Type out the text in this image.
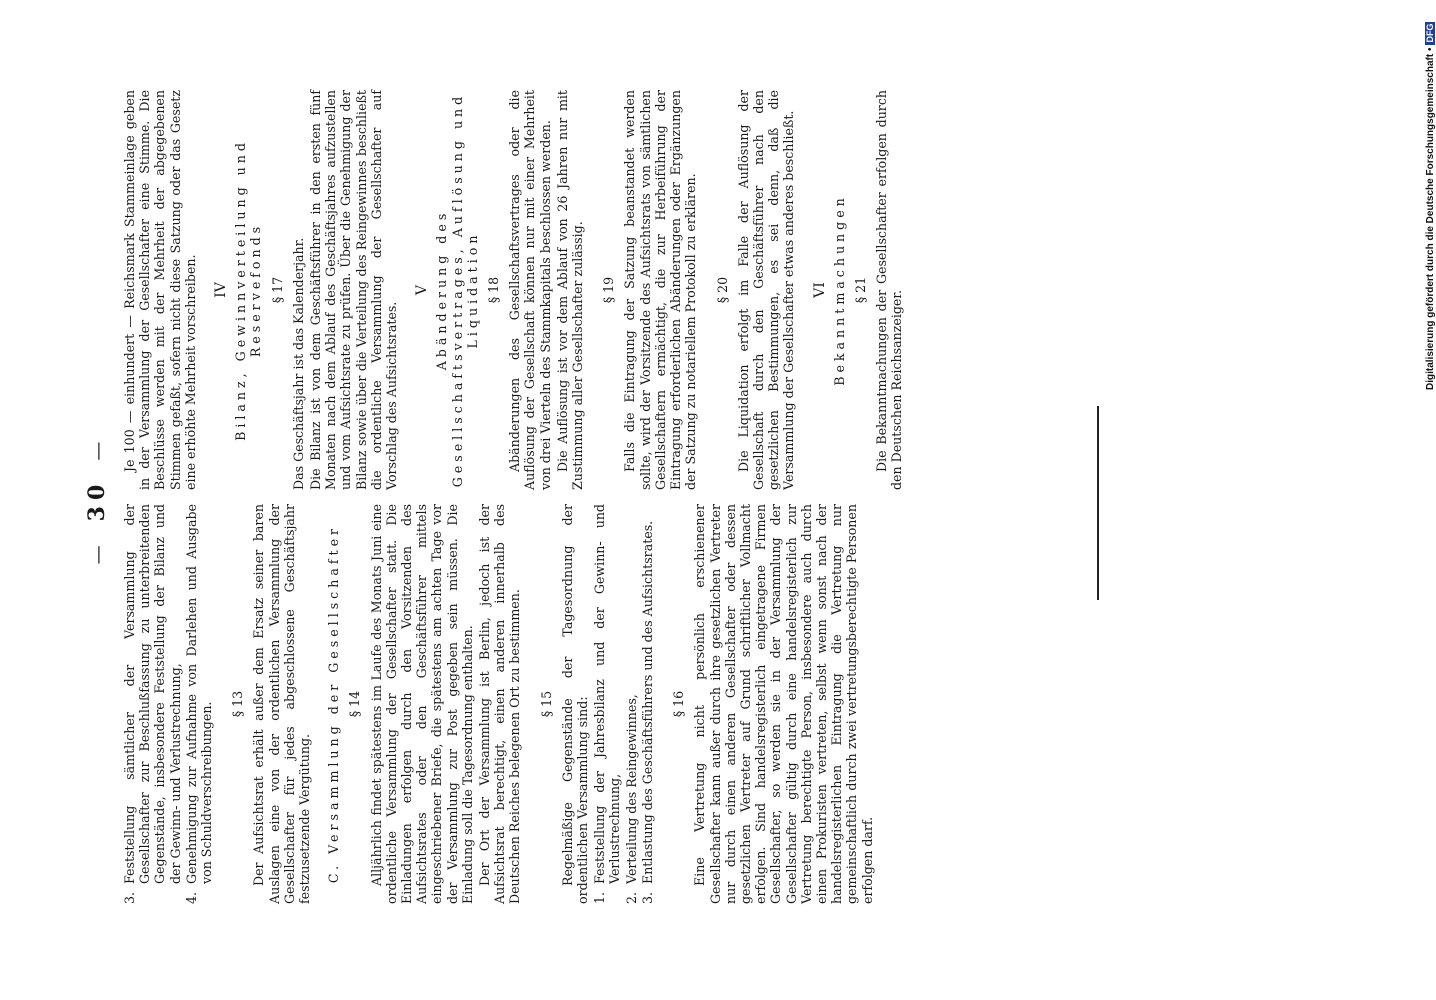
— 30 —
3.
Feststellung sämtlicher der Versammlung der Gesellschafter zur Beschlußfassung zu unterbreitenden Gegenstände, insbesondere Feststellung der Bilanz und der Gewinn- und Verlustrechnung,
4.
Genehmigung zur Aufnahme von Darlehen und Ausgabe von Schuldverschreibungen. § 13 Der Aufsichtsrat erhält außer dem Ersatz seiner baren Auslagen eine von der ordentlichen Versammlung der Gesellschafter für jedes abgeschlossene Geschäftsjahr festzusetzende Vergütung. C. Versammlung der Gesellschafter § 14 Alljährlich findet spätestens im Laufe des Monats Juni eine ordentliche Versammlung der Gesellschafter statt. Die Einladungen erfolgen durch den Vorsitzenden des Aufsichtsrates oder den Geschäftsführer mittels eingeschriebener Briefe, die spätestens am achten Tage vor der Versammlung zur Post gegeben sein müssen. Die Einladung soll die Tagesordnung enthalten. Der Ort der Versammlung ist Berlin, jedoch ist der Aufsichtsrat berechtigt, einen anderen innerhalb des Deutschen Reiches belegenen Ort zu bestimmen. § 15 Regelmäßige Gegenstände der Tagesordnung der ordentlichen Versammlung sind: 1.
Feststellung der Jahresbilanz und der Gewinn- und Verlustrechnung,
2.
Verteilung des Reingewinnes,
3.
Entlastung des Geschäftsführers und des Aufsichtsrates. § 16 Eine Vertretung nicht persönlich erschienener Gesellschafter kann außer durch ihre gesetzlichen Vertreter nur durch einen anderen Gesellschafter oder dessen gesetzlichen Vertreter auf Grund schriftlicher Vollmacht erfolgen. Sind handelsregisterlich eingetragene Firmen Gesellschafter, so werden sie in der Versammlung der Gesellschafter gültig durch eine handelsregisterlich zur Vertretung berechtigte Person, insbesondere auch durch einen Prokuristen vertreten, selbst wenn sonst nach der handelsregisterlichen Eintragung die Vertretung nur gemeinschaftlich durch zwei vertretungsberechtigte Personen erfolgen darf.

Je 100 — einhundert — Reichsmark Stammeinlage geben in der Versammlung der Gesellschafter eine Stimme. Die Beschlüsse werden mit der Mehrheit der abgegebenen Stimmen gefaßt, sofern nicht diese Satzung oder das Gesetz eine erhöhte Mehrheit vorschreiben. IV Bilanz, Gewinnverteilung und Reservefonds § 17 Das Geschäftsjahr ist das Kalenderjahr. Die Bilanz ist von dem Geschäftsführer in den ersten fünf Monaten nach dem Ablauf des Geschäftsjahres aufzustellen und vom Aufsichtsrate zu prüfen. Über die Genehmigung der Bilanz sowie über die Verteilung des Reingewinnes beschließt die ordentliche Versammlung der Gesellschafter auf Vorschlag des Aufsichtsrates.

V Abänderung des Gesellschaftsvertrages, Auflösung und Liquidation § 18 Abänderungen des Gesellschaftsvertrages oder die Auflösung der Gesellschaft können nur mit einer Mehrheit von drei Vierteln des Stammkapitals beschlossen werden. Die Auflösung ist vor dem Ablauf von 26 Jahren nur mit Zustimmung aller Gesellschafter zulässig. § 19 Falls die Eintragung der Satzung beanstandet werden sollte, wird der Vorsitzende des Aufsichtsrats von sämtlichen Gesellschaftern ermächtigt, die zur Herbeiführung der Eintragung erforderlichen Abänderungen oder Ergänzungen der Satzung zu notariellem Protokoll zu erklären. § 20 Die Liquidation erfolgt im Falle der Auflösung der Gesellschaft durch den Geschäftsführer nach den gesetzlichen Bestimmungen, es sei denn, daß die Versammlung der Gesellschafter etwas anderes beschließt. VI Bekanntmachungen § 21 Die Bekanntmachungen der Gesellschafter erfolgen durch den Deutschen Reichsanzeiger.	Digitalisierung gefördert durch die Deutsche Forschungsgemeinschaft •DFG
